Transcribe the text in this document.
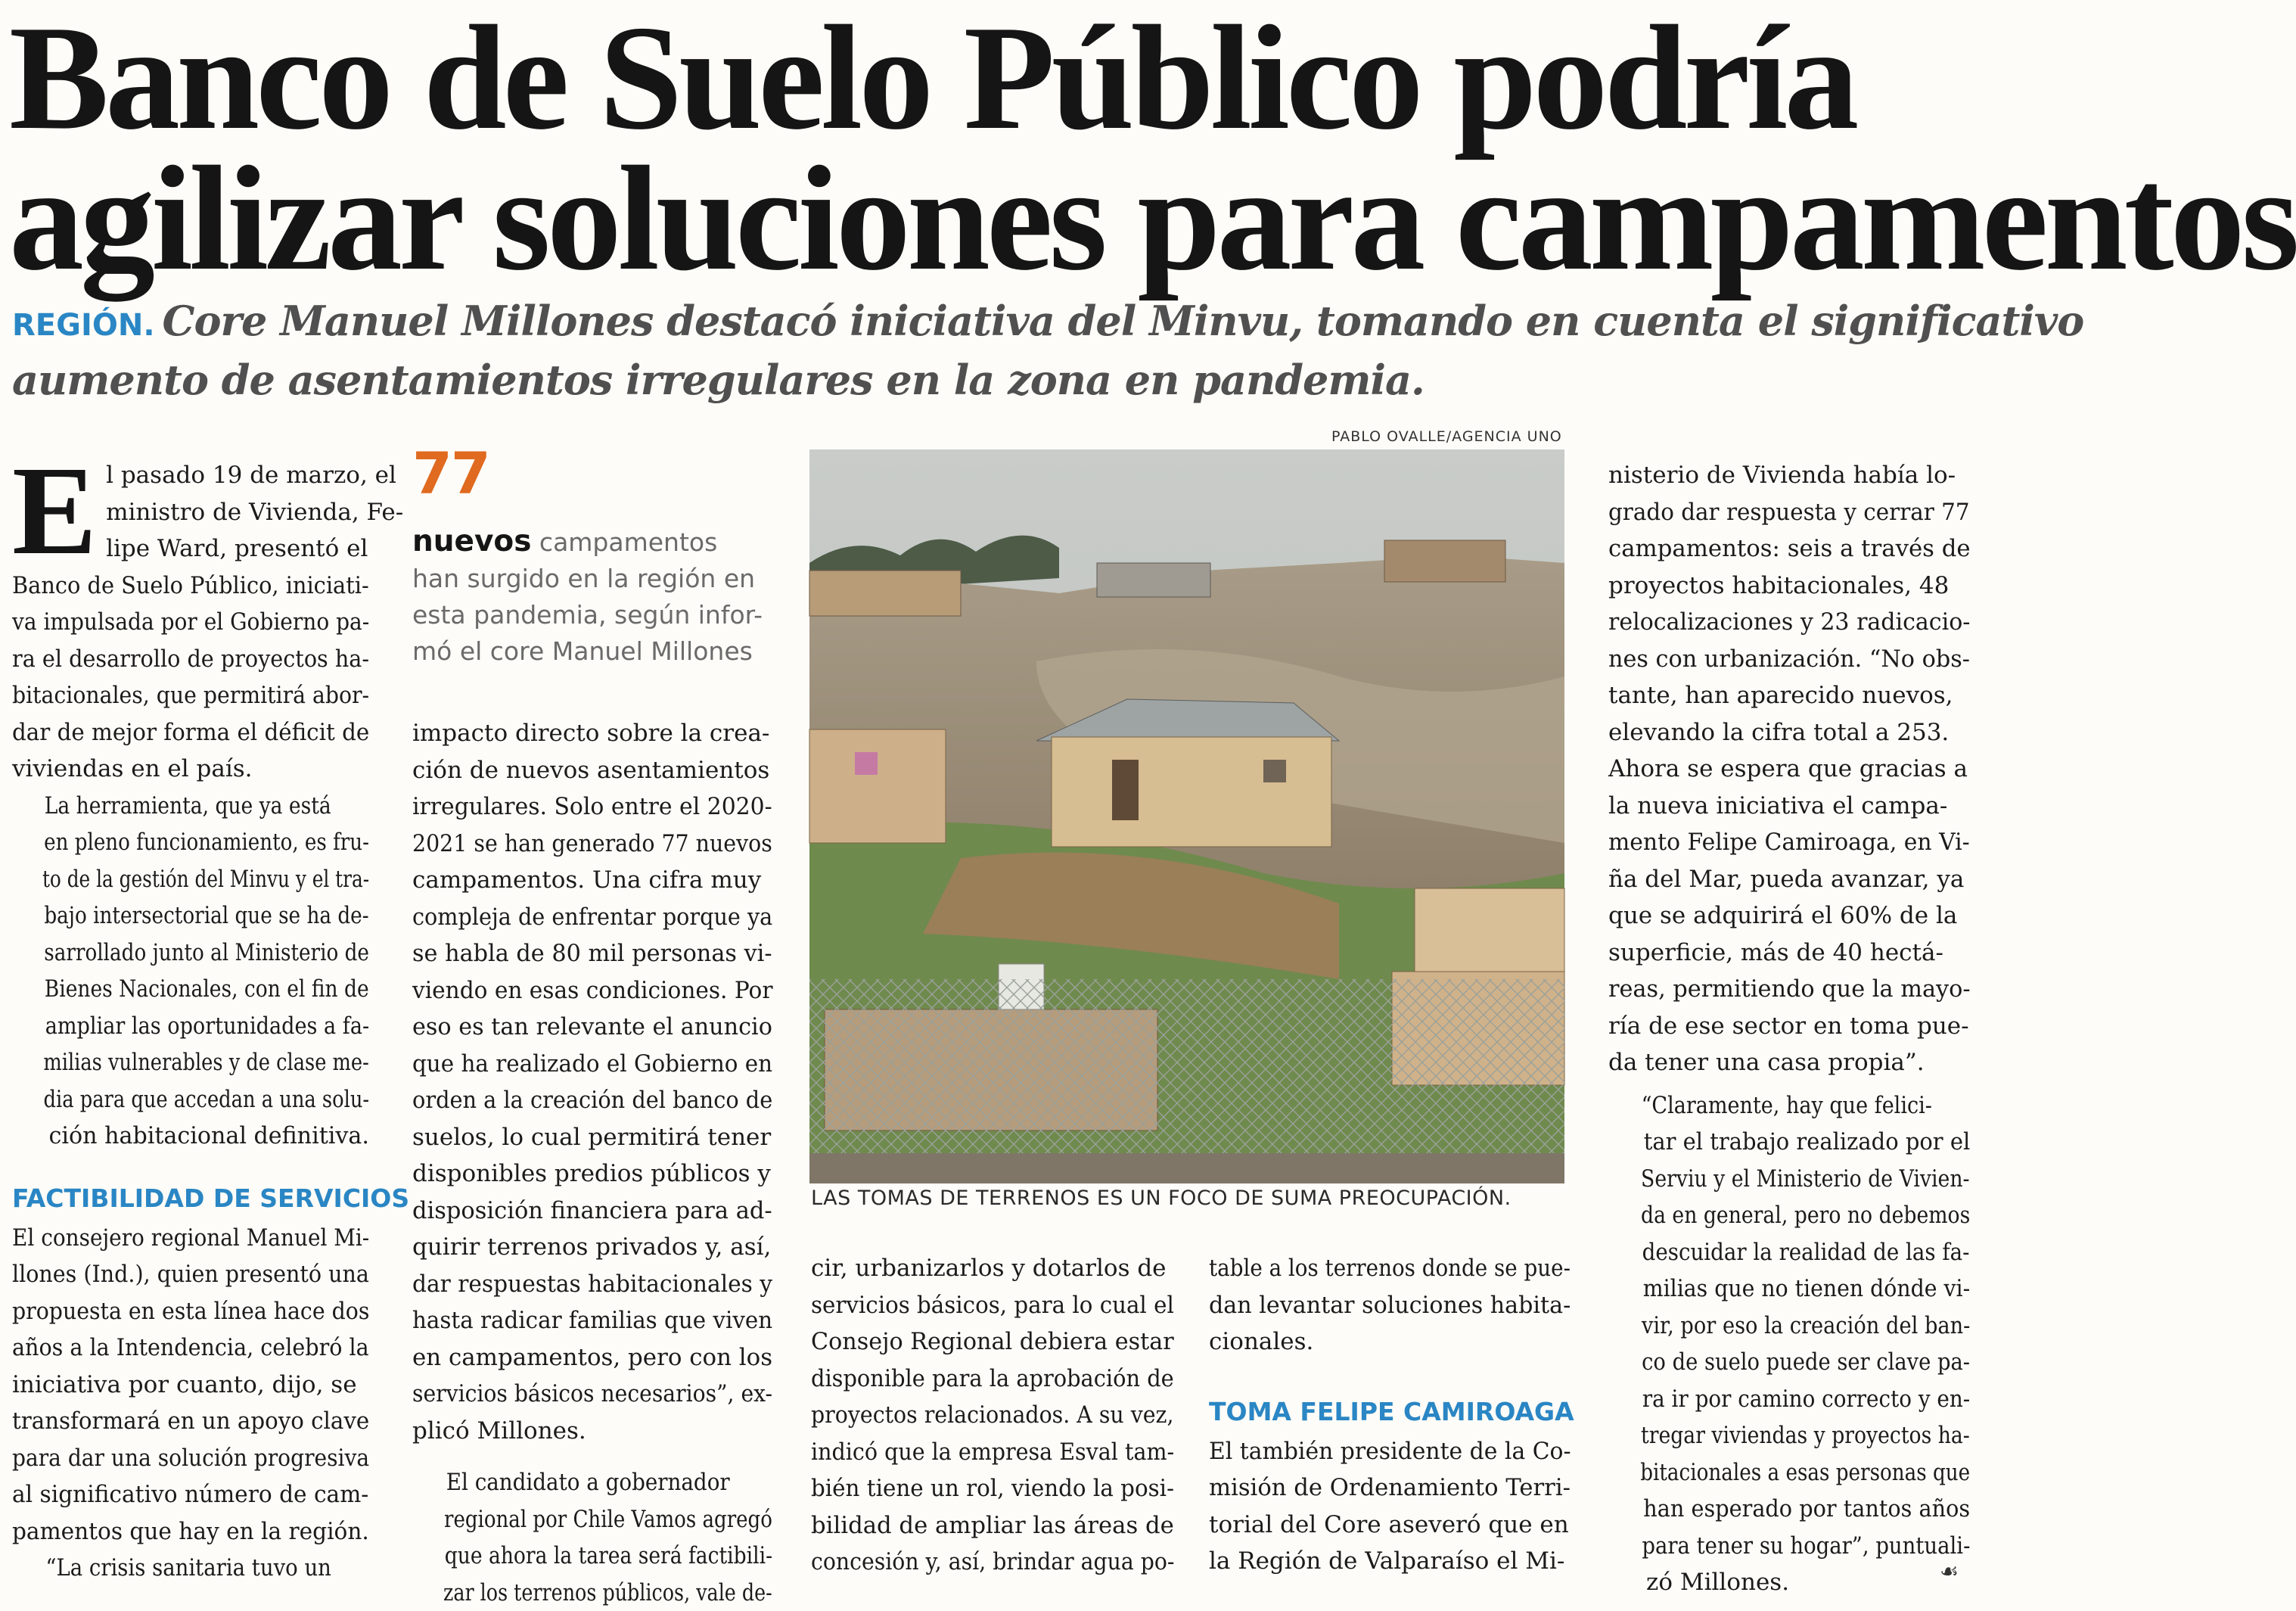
Banco de Suelo Público podría
agilizar soluciones para campamentos
REGIÓN. Core Manuel Millones destacó iniciativa del Minvu, tomando en cuenta el significativo
aumento de asentamientos irregulares en la zona en pandemia.

E l pasado 19 de marzo, el
ministro de Vivienda, Fe-
lipe Ward, presentó el
Banco de Suelo Público, iniciati-
va impulsada por el Gobierno pa-
ra el desarrollo de proyectos ha-
bitacionales, que permitirá abor-
dar de mejor forma el déficit de
viviendas en el país.

La herramienta, que ya está
en pleno funcionamiento, es fru-
to de la gestión del Minvu y el tra-
bajo intersectorial que se ha de-
sarrollado junto al Ministerio de
Bienes Nacionales, con el fin de
ampliar las oportunidades a fa-
milias vulnerables y de clase me-
dia para que accedan a una solu-
ción habitacional definitiva.

FACTIBILIDAD DE SERVICIOS

El consejero regional Manuel Mi-
llones (Ind.), quien presentó una
propuesta en esta línea hace dos
años a la Intendencia, celebró la
iniciativa por cuanto, dijo, se
transformará en un apoyo clave
para dar una solución progresiva
al significativo número de cam-
pamentos que hay en la región.

“La crisis sanitaria tuvo un

77
nuevos campamentos
han surgido en la región en
esta pandemia, según infor-
mó el core Manuel Millones

impacto directo sobre la crea-
ción de nuevos asentamientos
irregulares. Solo entre el 2020-
2021 se han generado 77 nuevos
campamentos. Una cifra muy
compleja de enfrentar porque ya
se habla de 80 mil personas vi-
viendo en esas condiciones. Por
eso es tan relevante el anuncio
que ha realizado el Gobierno en
orden a la creación del banco de
suelos, lo cual permitirá tener
disponibles predios públicos y
disposición financiera para ad-
quirir terrenos privados y, así,
dar respuestas habitacionales y
hasta radicar familias que viven
en campamentos, pero con los
servicios básicos necesarios”, ex-
plicó Millones.

El candidato a gobernador
regional por Chile Vamos agregó
que ahora la tarea será factibili-
zar los terrenos públicos, vale de-

PABLO OVALLE/AGENCIA UNO
LAS TOMAS DE TERRENOS ES UN FOCO DE SUMA PREOCUPACIÓN.

cir, urbanizarlos y dotarlos de
servicios básicos, para lo cual el
Consejo Regional debiera estar
disponible para la aprobación de
proyectos relacionados. A su vez,
indicó que la empresa Esval tam-
bién tiene un rol, viendo la posi-
bilidad de ampliar las áreas de
concesión y, así, brindar agua po-

table a los terrenos donde se pue-
dan levantar soluciones habita-
cionales.

TOMA FELIPE CAMIROAGA

El también presidente de la Co-
misión de Ordenamiento Terri-
torial del Core aseveró que en
la Región de Valparaíso el Mi-

nisterio de Vivienda había lo-
grado dar respuesta y cerrar 77
campamentos: seis a través de
proyectos habitacionales, 48
relocalizaciones y 23 radicacio-
nes con urbanización. “No obs-
tante, han aparecido nuevos,
elevando la cifra total a 253.
Ahora se espera que gracias a
la nueva iniciativa el campa-
mento Felipe Camiroaga, en Vi-
ña del Mar, pueda avanzar, ya
que se adquirirá el 60% de la
superficie, más de 40 hectá-
reas, permitiendo que la mayo-
ría de ese sector en toma pue-
da tener una casa propia”.

“Claramente, hay que felici-
tar el trabajo realizado por el
Serviu y el Ministerio de Vivien-
da en general, pero no debemos
descuidar la realidad de las fa-
milias que no tienen dónde vi-
vir, por eso la creación del ban-
co de suelo puede ser clave pa-
ra ir por camino correcto y en-
tregar viviendas y proyectos ha-
bitacionales a esas personas que
han esperado por tantos años
para tener su hogar”, puntuali-
zó Millones.	☙
